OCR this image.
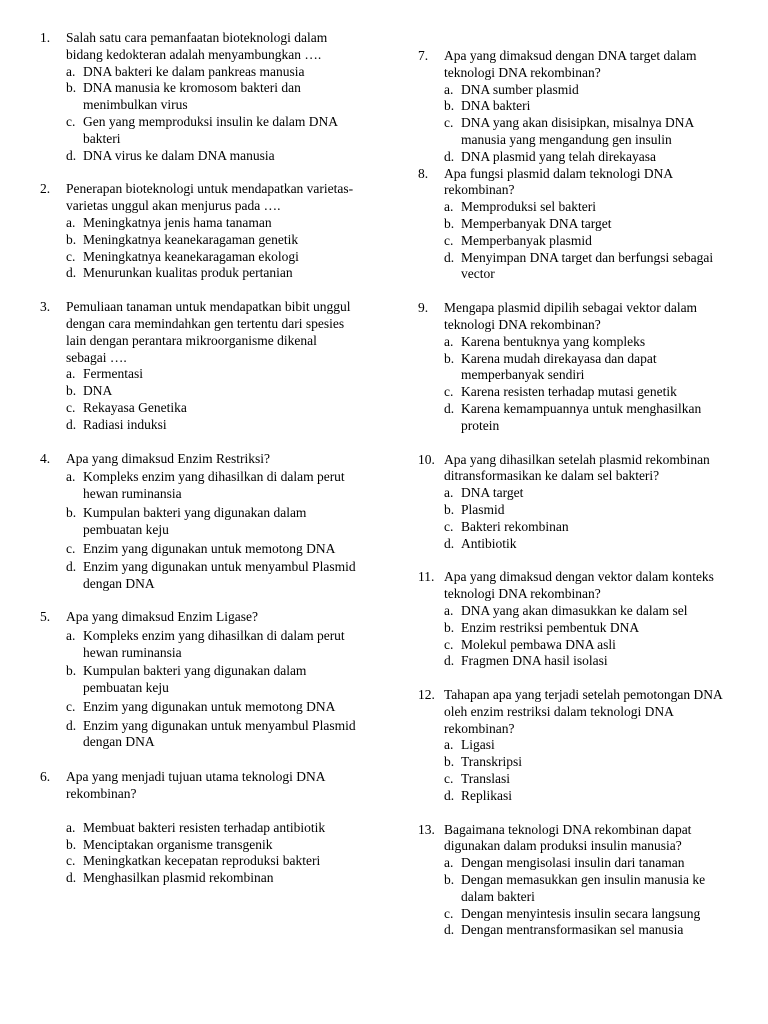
1. Salah satu cara pemanfaatan bioteknologi dalam bidang kedokteran adalah menyambungkan ….
a. DNA bakteri ke dalam pankreas manusia
b. DNA manusia ke kromosom bakteri dan menimbulkan virus
c. Gen yang memproduksi insulin ke dalam DNA bakteri
d. DNA virus ke dalam DNA manusia
2. Penerapan bioteknologi untuk mendapatkan varietas-varietas unggul akan menjurus pada ….
a. Meningkatnya jenis hama tanaman
b. Meningkatnya keanekaragaman genetik
c. Meningkatnya keanekaragaman ekologi
d. Menurunkan kualitas produk pertanian
3. Pemuliaan tanaman untuk mendapatkan bibit unggul dengan cara memindahkan gen tertentu dari spesies lain dengan perantara mikroorganisme dikenal sebagai ….
a. Fermentasi
b. DNA
c. Rekayasa Genetika
d. Radiasi induksi
4. Apa yang dimaksud Enzim Restriksi?
a. Kompleks enzim yang dihasilkan di dalam perut hewan ruminansia
b. Kumpulan bakteri yang digunakan dalam pembuatan keju
c. Enzim yang digunakan untuk memotong DNA
d. Enzim yang digunakan untuk menyambul Plasmid dengan DNA
5. Apa yang dimaksud Enzim Ligase?
a. Kompleks enzim yang dihasilkan di dalam perut hewan ruminansia
b. Kumpulan bakteri yang digunakan dalam pembuatan keju
c. Enzim yang digunakan untuk memotong DNA
d. Enzim yang digunakan untuk menyambul Plasmid dengan DNA
6. Apa yang menjadi tujuan utama teknologi DNA rekombinan?
a. Membuat bakteri resisten terhadap antibiotik
b. Menciptakan organisme transgenik
c. Meningkatkan kecepatan reproduksi bakteri
d. Menghasilkan plasmid rekombinan
7. Apa yang dimaksud dengan DNA target dalam teknologi DNA rekombinan?
a. DNA sumber plasmid
b. DNA bakteri
c. DNA yang akan disisipkan, misalnya DNA manusia yang mengandung gen insulin
d. DNA plasmid yang telah direkayasa
8. Apa fungsi plasmid dalam teknologi DNA rekombinan?
a. Memproduksi sel bakteri
b. Memperbanyak DNA target
c. Memperbanyak plasmid
d. Menyimpan DNA target dan berfungsi sebagai vector
9. Mengapa plasmid dipilih sebagai vektor dalam teknologi DNA rekombinan?
a. Karena bentuknya yang kompleks
b. Karena mudah direkayasa dan dapat memperbanyak sendiri
c. Karena resisten terhadap mutasi genetik
d. Karena kemampuannya untuk menghasilkan protein
10. Apa yang dihasilkan setelah plasmid rekombinan ditransformasikan ke dalam sel bakteri?
a. DNA target
b. Plasmid
c. Bakteri rekombinan
d. Antibiotik
11. Apa yang dimaksud dengan vektor dalam konteks teknologi DNA rekombinan?
a. DNA yang akan dimasukkan ke dalam sel
b. Enzim restriksi pembentuk DNA
c. Molekul pembawa DNA asli
d. Fragmen DNA hasil isolasi
12. Tahapan apa yang terjadi setelah pemotongan DNA oleh enzim restriksi dalam teknologi DNA rekombinan?
a. Ligasi
b. Transkripsi
c. Translasi
d. Replikasi
13. Bagaimana teknologi DNA rekombinan dapat digunakan dalam produksi insulin manusia?
a. Dengan mengisolasi insulin dari tanaman
b. Dengan memasukkan gen insulin manusia ke dalam bakteri
c. Dengan menyintesis insulin secara langsung
d. Dengan mentransformasikan sel manusia
